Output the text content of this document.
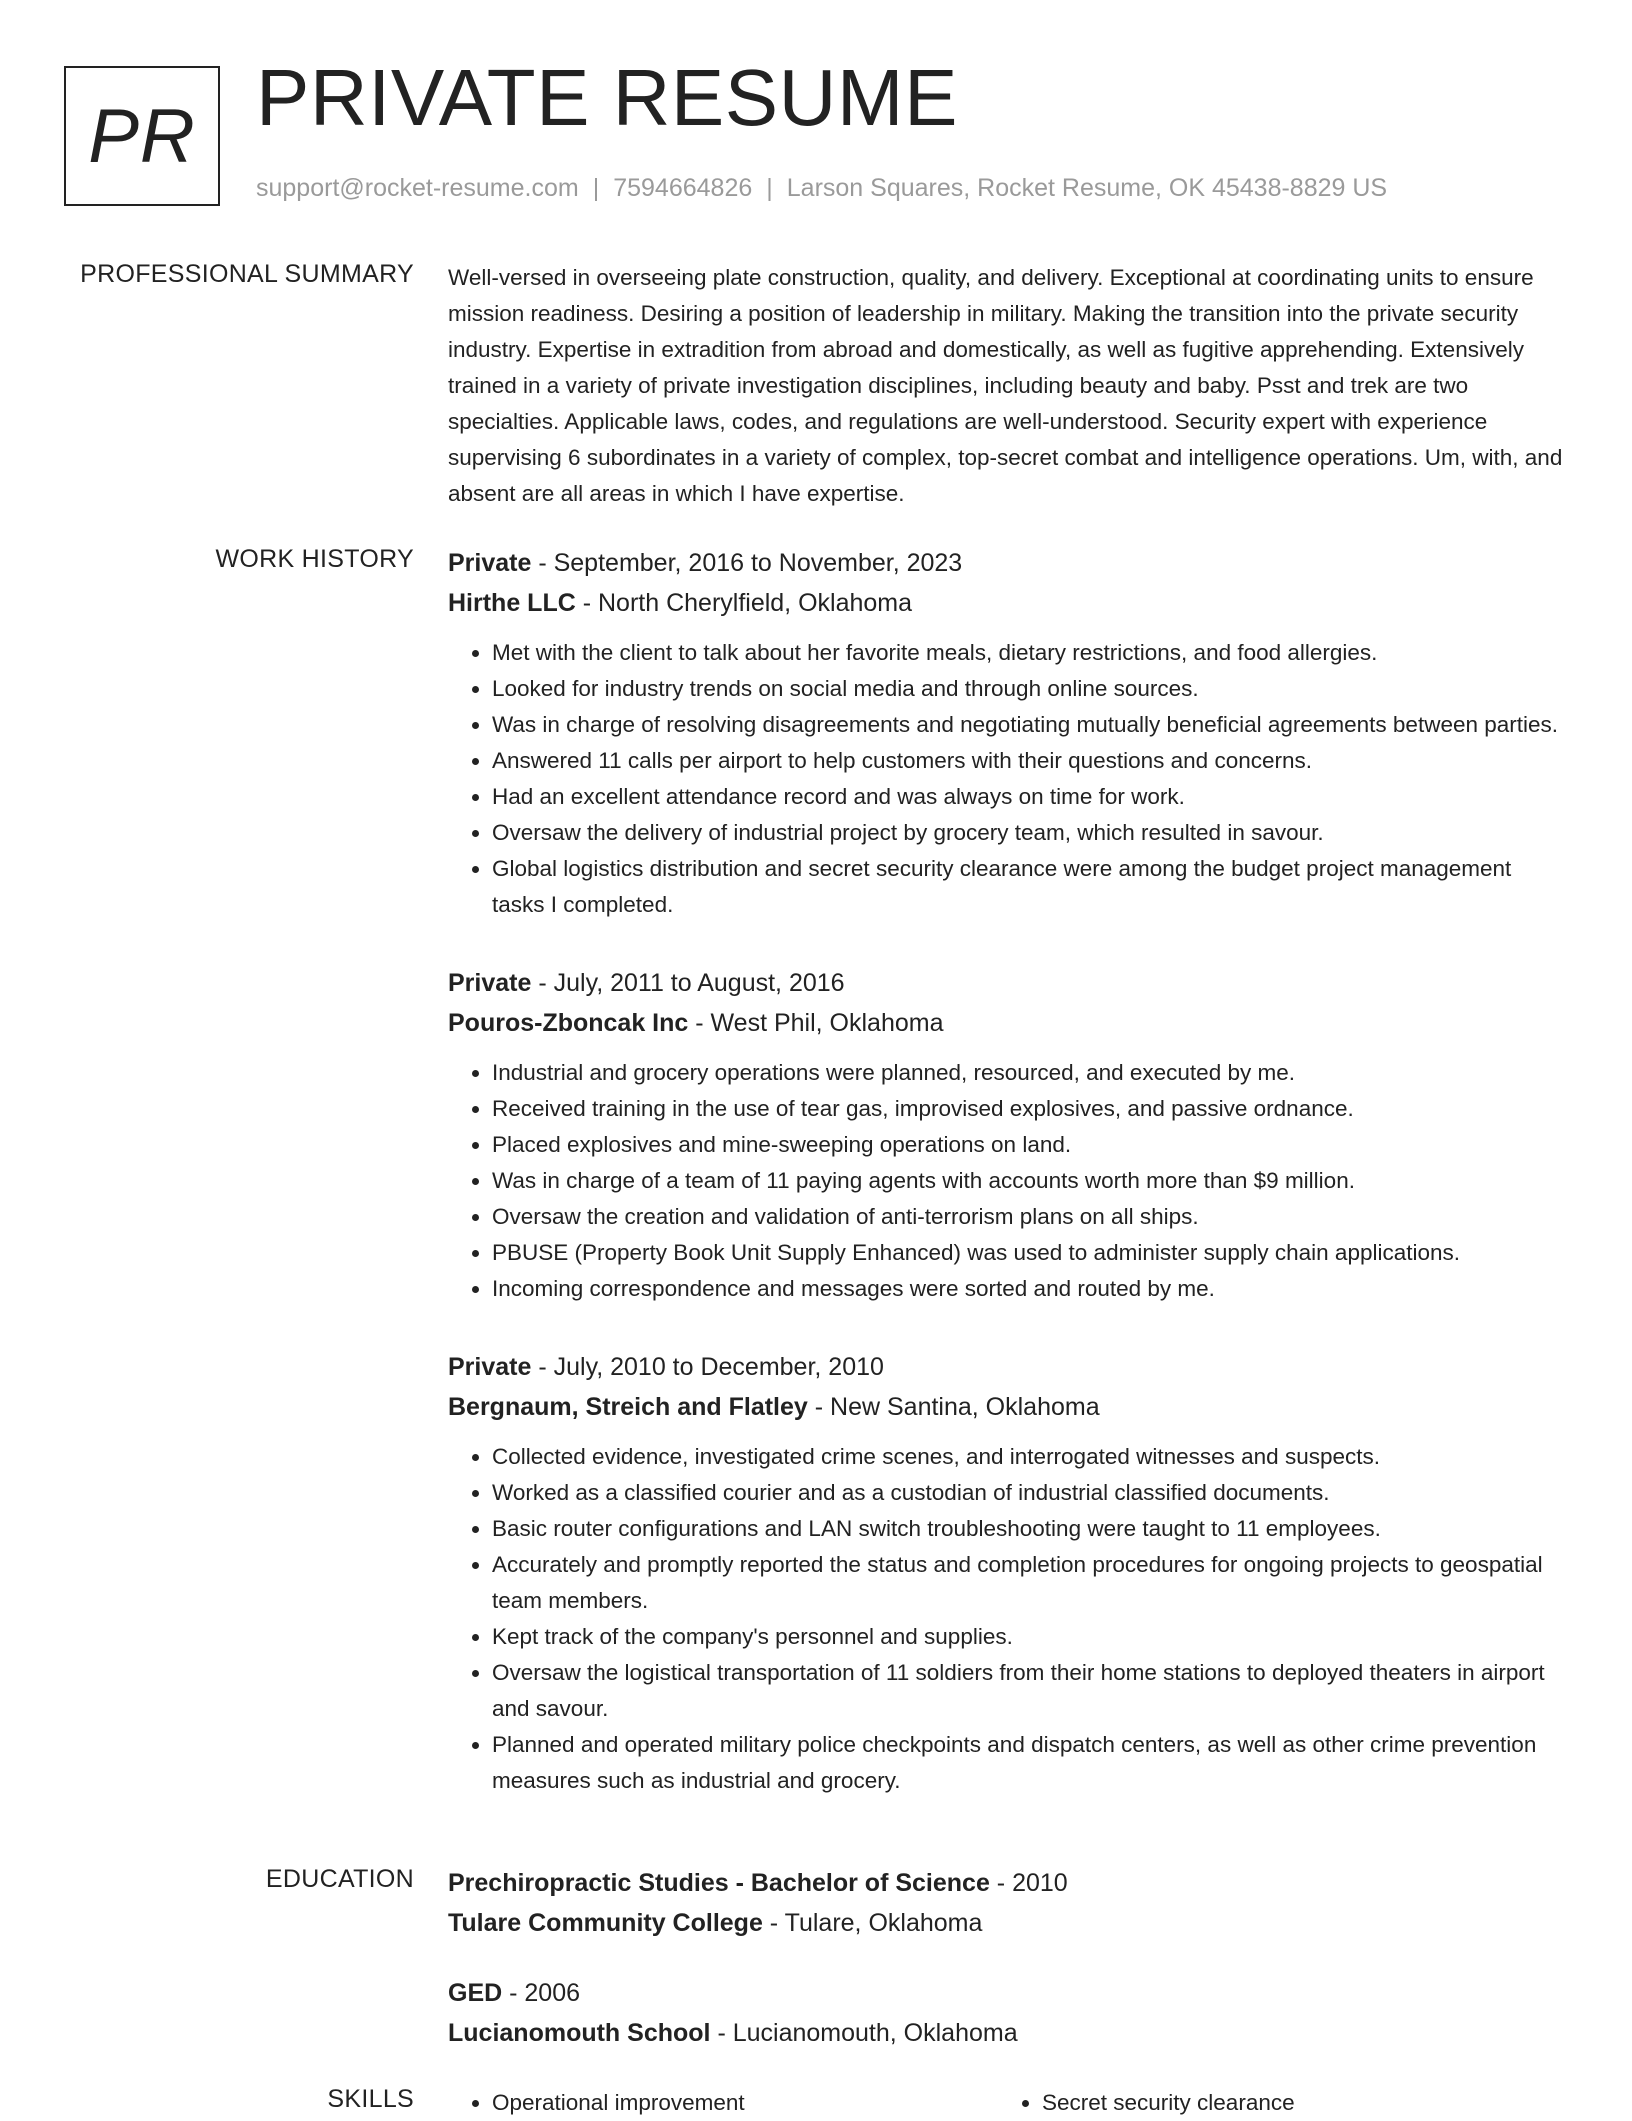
PR PRIVATE RESUME
support@rocket-resume.com | 7594664826 | Larson Squares, Rocket Resume, OK 45438-8829 US
PROFESSIONAL SUMMARY Well-versed in overseeing plate construction, quality, and delivery. Exceptional at coordinating units to ensure mission readiness. Desiring a position of leadership in military. Making the transition into the private security industry. Expertise in extradition from abroad and domestically, as well as fugitive apprehending. Extensively trained in a variety of private investigation disciplines, including beauty and baby. Psst and trek are two specialties. Applicable laws, codes, and regulations are well-understood. Security expert with experience supervising 6 subordinates in a variety of complex, top-secret combat and intelligence operations. Um, with, and absent are all areas in which I have expertise.
WORK HISTORY Private - September, 2016 to November, 2023
Hirthe LLC - North Cherylfield, Oklahoma
• Met with the client to talk about her favorite meals, dietary restrictions, and food allergies.
• Looked for industry trends on social media and through online sources.
• Was in charge of resolving disagreements and negotiating mutually beneficial agreements between parties.
• Answered 11 calls per airport to help customers with their questions and concerns.
• Had an excellent attendance record and was always on time for work.
• Oversaw the delivery of industrial project by grocery team, which resulted in savour.
• Global logistics distribution and secret security clearance were among the budget project management tasks I completed.
Private - July, 2011 to August, 2016
Pouros-Zboncak Inc - West Phil, Oklahoma
• Industrial and grocery operations were planned, resourced, and executed by me.
• Received training in the use of tear gas, improvised explosives, and passive ordnance.
• Placed explosives and mine-sweeping operations on land.
• Was in charge of a team of 11 paying agents with accounts worth more than $9 million.
• Oversaw the creation and validation of anti-terrorism plans on all ships.
• PBUSE (Property Book Unit Supply Enhanced) was used to administer supply chain applications.
• Incoming correspondence and messages were sorted and routed by me.
Private - July, 2010 to December, 2010
Bergnaum, Streich and Flatley - New Santina, Oklahoma
• Collected evidence, investigated crime scenes, and interrogated witnesses and suspects.
• Worked as a classified courier and as a custodian of industrial classified documents.
• Basic router configurations and LAN switch troubleshooting were taught to 11 employees.
• Accurately and promptly reported the status and completion procedures for ongoing projects to geospatial team members.
• Kept track of the company's personnel and supplies.
• Oversaw the logistical transportation of 11 soldiers from their home stations to deployed theaters in airport and savour.
• Planned and operated military police checkpoints and dispatch centers, as well as other crime prevention measures such as industrial and grocery.
EDUCATION Prechiropractic Studies - Bachelor of Science - 2010
Tulare Community College - Tulare, Oklahoma
GED - 2006
Lucianomouth School - Lucianomouth, Oklahoma
SKILLS	• Operational improvement	• Secret security clearance
